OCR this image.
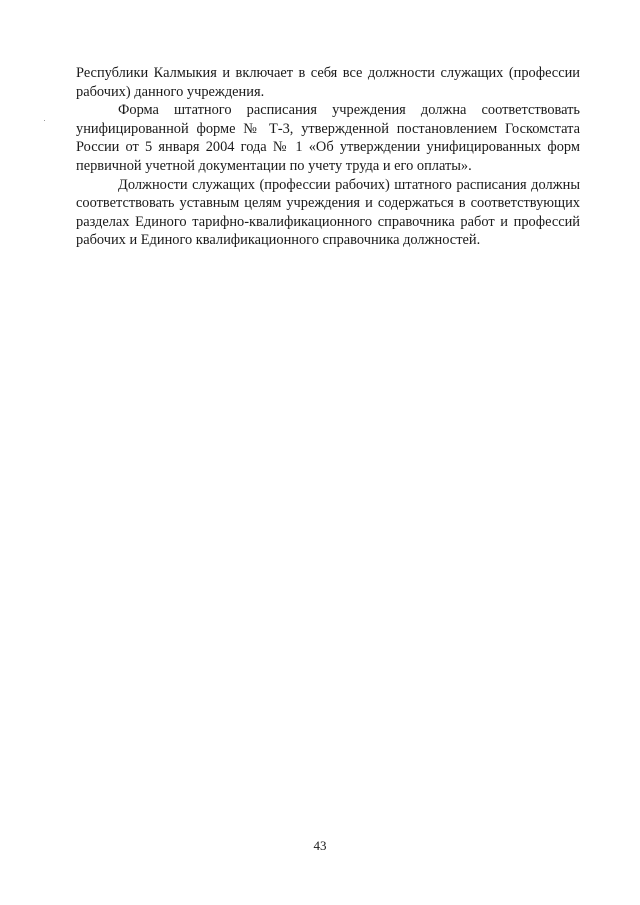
Республики Калмыкия и включает в себя все должности служащих (профессии рабочих) данного учреждения.

Форма штатного расписания учреждения должна соответствовать унифицированной форме № Т-3, утвержденной постановлением Госкомстата России от 5 января 2004 года № 1 «Об утверждении унифицированных форм первичной учетной документации по учету труда и его оплаты».

Должности служащих (профессии рабочих) штатного расписания должны соответствовать уставным целям учреждения и содержаться в соответствующих разделах Единого тарифно-квалификационного справочника работ и профессий рабочих и Единого квалификационного справочника должностей.

43
